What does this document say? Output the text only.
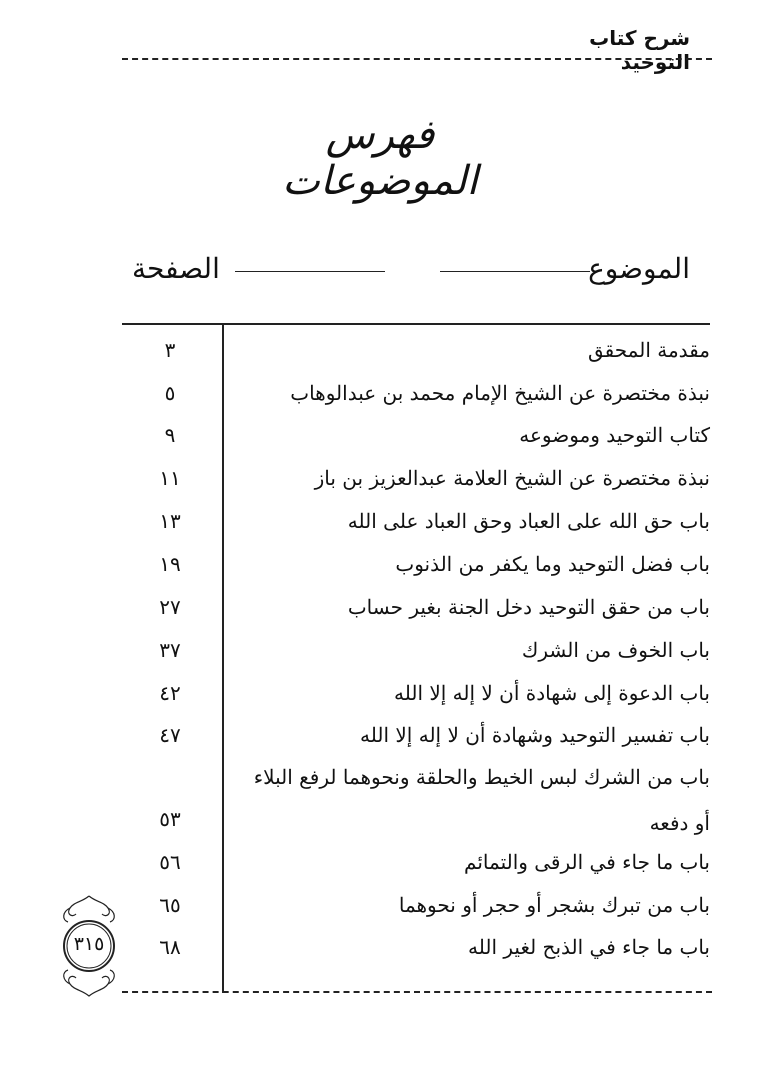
شرح كتاب التوحيد
فهرس الموضوعات
الموضوع
الصفحة
مقدمة المحقق
٣
نبذة مختصرة عن الشيخ الإمام محمد بن عبدالوهاب
٥
كتاب التوحيد وموضوعه
٩
نبذة مختصرة عن الشيخ العلامة عبدالعزيز بن باز
١١
باب حق الله على العباد وحق العباد على الله
١٣
باب فضل التوحيد وما يكفر من الذنوب
١٩
باب من حقق التوحيد دخل الجنة بغير حساب
٢٧
باب الخوف من الشرك
٣٧
باب الدعوة إلى شهادة أن لا إله إلا الله
٤٢
باب تفسير التوحيد وشهادة أن لا إله إلا الله
٤٧
باب من الشرك لبس الخيط والحلقة ونحوهما لرفع البلاء أو دفعه
٥٣
باب ما جاء في الرقى والتمائم
٥٦
باب من تبرك بشجر أو حجر أو نحوهما
٦٥
باب ما جاء في الذبح لغير الله
٦٨
٣١٥
